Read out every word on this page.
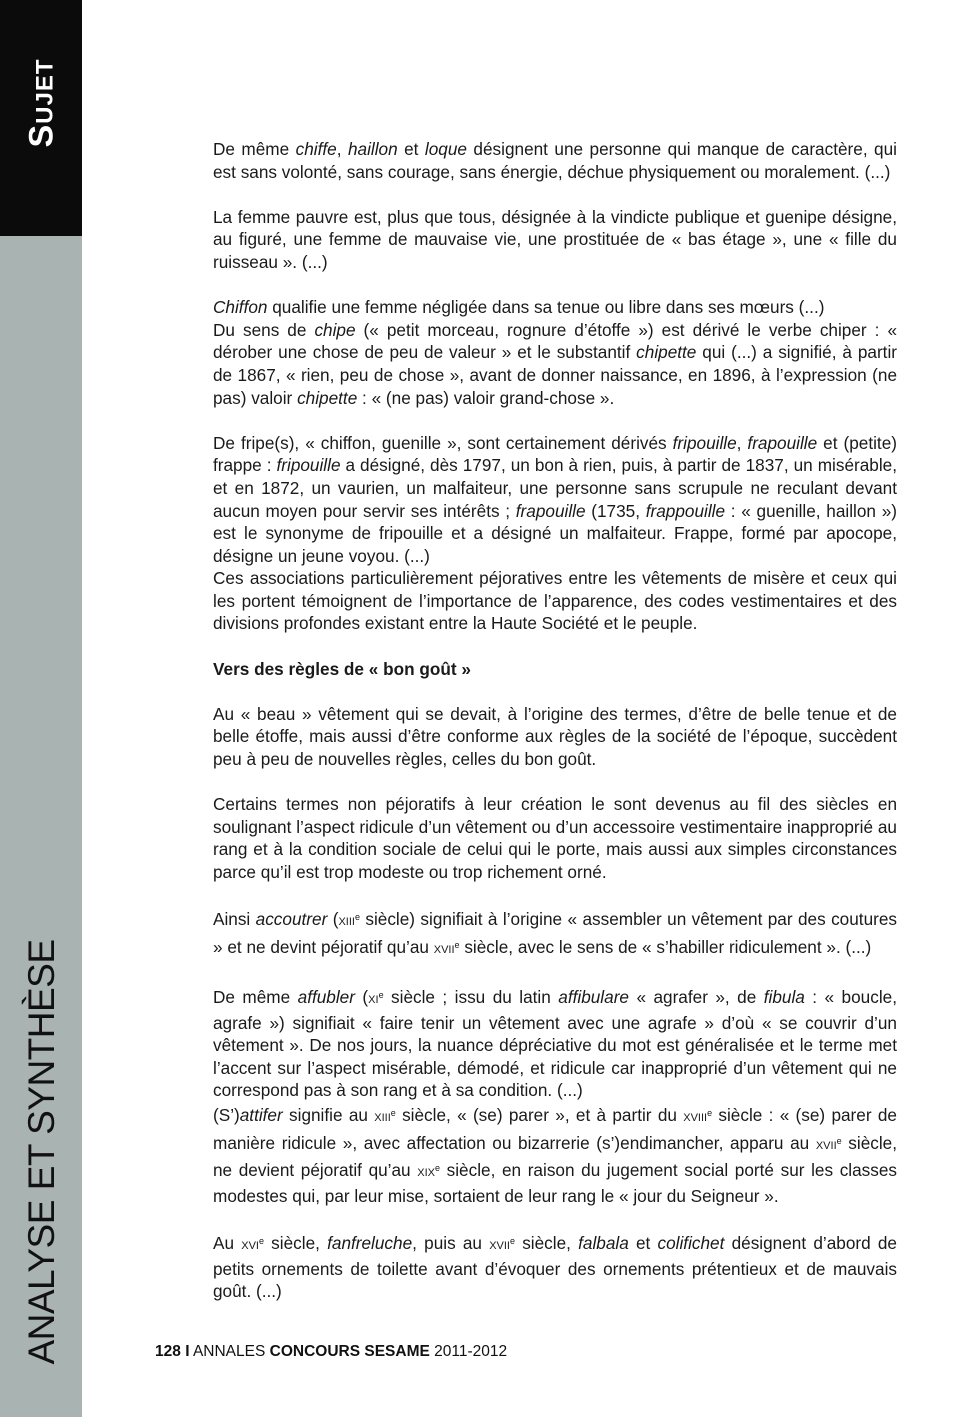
Sujet
ANALYSE ET SYNTHÈSE

De même chiffe, haillon et loque désignent une personne qui manque de caractère, qui est sans volonté, sans courage, sans énergie, déchue physiquement ou moralement. (...)

La femme pauvre est, plus que tous, désignée à la vindicte publique et guenipe désigne, au figuré, une femme de mauvaise vie, une prostituée de « bas étage », une « fille du ruisseau ». (...)

Chiffon qualifie une femme négligée dans sa tenue ou libre dans ses mœurs (...)

Du sens de chipe (« petit morceau, rognure d’étoffe ») est dérivé le verbe chiper : « dérober une chose de peu de valeur » et le substantif chipette qui (...) a signifié, à partir de 1867, « rien, peu de chose », avant de donner naissance, en 1896, à l’expression (ne pas) valoir chipette : « (ne pas) valoir grand-chose ».

De fripe(s), « chiffon, guenille », sont certainement dérivés fripouille, frapouille et (petite) frappe : fripouille a désigné, dès 1797, un bon à rien, puis, à partir de 1837, un misérable, et en 1872, un vaurien, un malfaiteur, une personne sans scrupule ne reculant devant aucun moyen pour servir ses intérêts ; frapouille (1735, frappouille : « guenille, haillon ») est le synonyme de fripouille et a désigné un malfaiteur. Frappe, formé par apocope, désigne un jeune voyou. (...)

Ces associations particulièrement péjoratives entre les vêtements de misère et ceux qui les portent témoignent de l’importance de l’apparence, des codes vestimentaires et des divisions profondes existant entre la Haute Société et le peuple.

Vers des règles de « bon goût »

Au « beau » vêtement qui se devait, à l’origine des termes, d’être de belle tenue et de belle étoffe, mais aussi d’être conforme aux règles de la société de l’époque, succèdent peu à peu de nouvelles règles, celles du bon goût.

Certains termes non péjoratifs à leur création le sont devenus au fil des siècles en soulignant l’aspect ridicule d’un vêtement ou d’un accessoire vestimentaire inapproprié au rang et à la condition sociale de celui qui le porte, mais aussi aux simples circonstances parce qu’il est trop modeste ou trop richement orné.

Ainsi accoutrer (XIIIe siècle) signifiait à l’origine « assembler un vêtement par des coutures » et ne devint péjoratif qu’au XVIIe siècle, avec le sens de « s’habiller ridiculement ». (...)

De même affubler (XIe siècle ; issu du latin affibulare « agrafer », de fibula : « boucle, agrafe ») signifiait « faire tenir un vêtement avec une agrafe » d’où « se couvrir d’un vêtement ». De nos jours, la nuance dépréciative du mot est généralisée et le terme met l’accent sur l’aspect misérable, démodé, et ridicule car inapproprié d’un vêtement qui ne correspond pas à son rang et à sa condition. (...)

(S’)attifer signifie au XIIIe siècle, « (se) parer », et à partir du XVIIIe siècle : « (se) parer de manière ridicule », avec affectation ou bizarrerie (s’)endimancher, apparu au XVIIe siècle, ne devient péjoratif qu’au XIXe siècle, en raison du jugement social porté sur les classes modestes qui, par leur mise, sortaient de leur rang le « jour du Seigneur ».

Au XVIe siècle, fanfreluche, puis au XVIIe siècle, falbala et colifichet désignent d’abord de petits ornements de toilette avant d’évoquer des ornements prétentieux et de mauvais goût. (...)

128 I ANNALES CONCOURS SESAME 2011-2012
